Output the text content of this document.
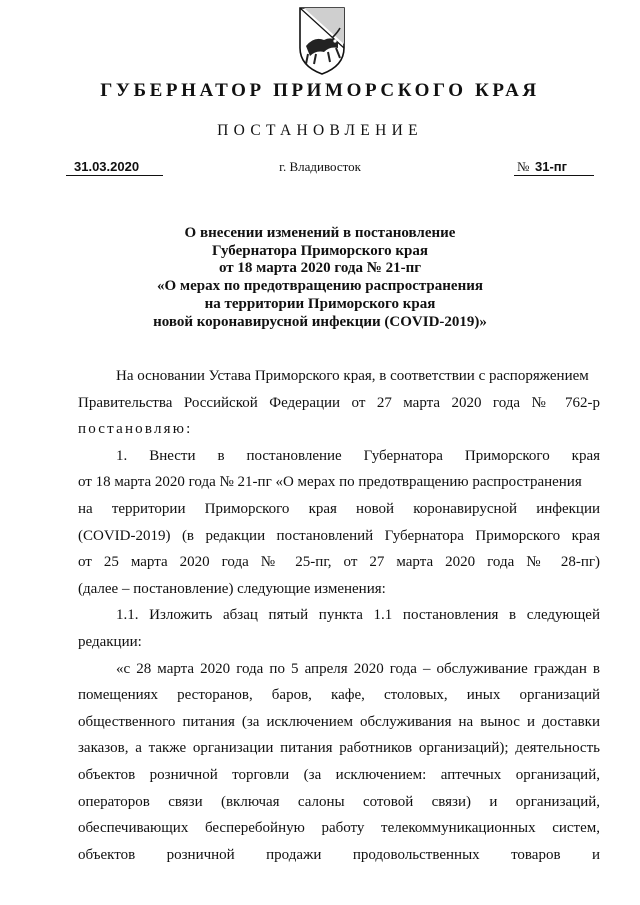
ГУБЕРНАТОР ПРИМОРСКОГО КРАЯ
ПОСТАНОВЛЕНИЕ
31.03.2020	г. Владивосток	№ 31-пг
О внесении изменений в постановление
Губернатора Приморского края
от 18 марта 2020 года № 21-пг
«О мерах по предотвращению распространения
на территории Приморского края
новой коронавирусной инфекции (COVID-2019)»
На основании Устава Приморского края, в соответствии с распоряжением
Правительства Российской Федерации от 27 марта 2020 года № 762-р
постановляю:
1. Внести в постановление Губернатора Приморского края
от 18 марта 2020 года № 21-пг «О мерах по предотвращению распространения
на территории Приморского края новой коронавирусной инфекции
(COVID-2019) (в редакции постановлений Губернатора Приморского края
от 25 марта 2020 года № 25-пг, от 27 марта 2020 года № 28-пг)
(далее – постановление) следующие изменения:
1.1. Изложить абзац пятый пункта 1.1 постановления в следующей
редакции:
«с 28 марта 2020 года по 5 апреля 2020 года – обслуживание граждан в
помещениях ресторанов, баров, кафе, столовых, иных организаций
общественного питания (за исключением обслуживания на вынос и доставки
заказов, а также организации питания работников организаций); деятельность
объектов розничной торговли (за исключением: аптечных организаций,
операторов связи (включая салоны сотовой связи) и организаций,
обеспечивающих бесперебойную работу телекоммуникационных систем,
объектов розничной продажи продовольственных товаров и
